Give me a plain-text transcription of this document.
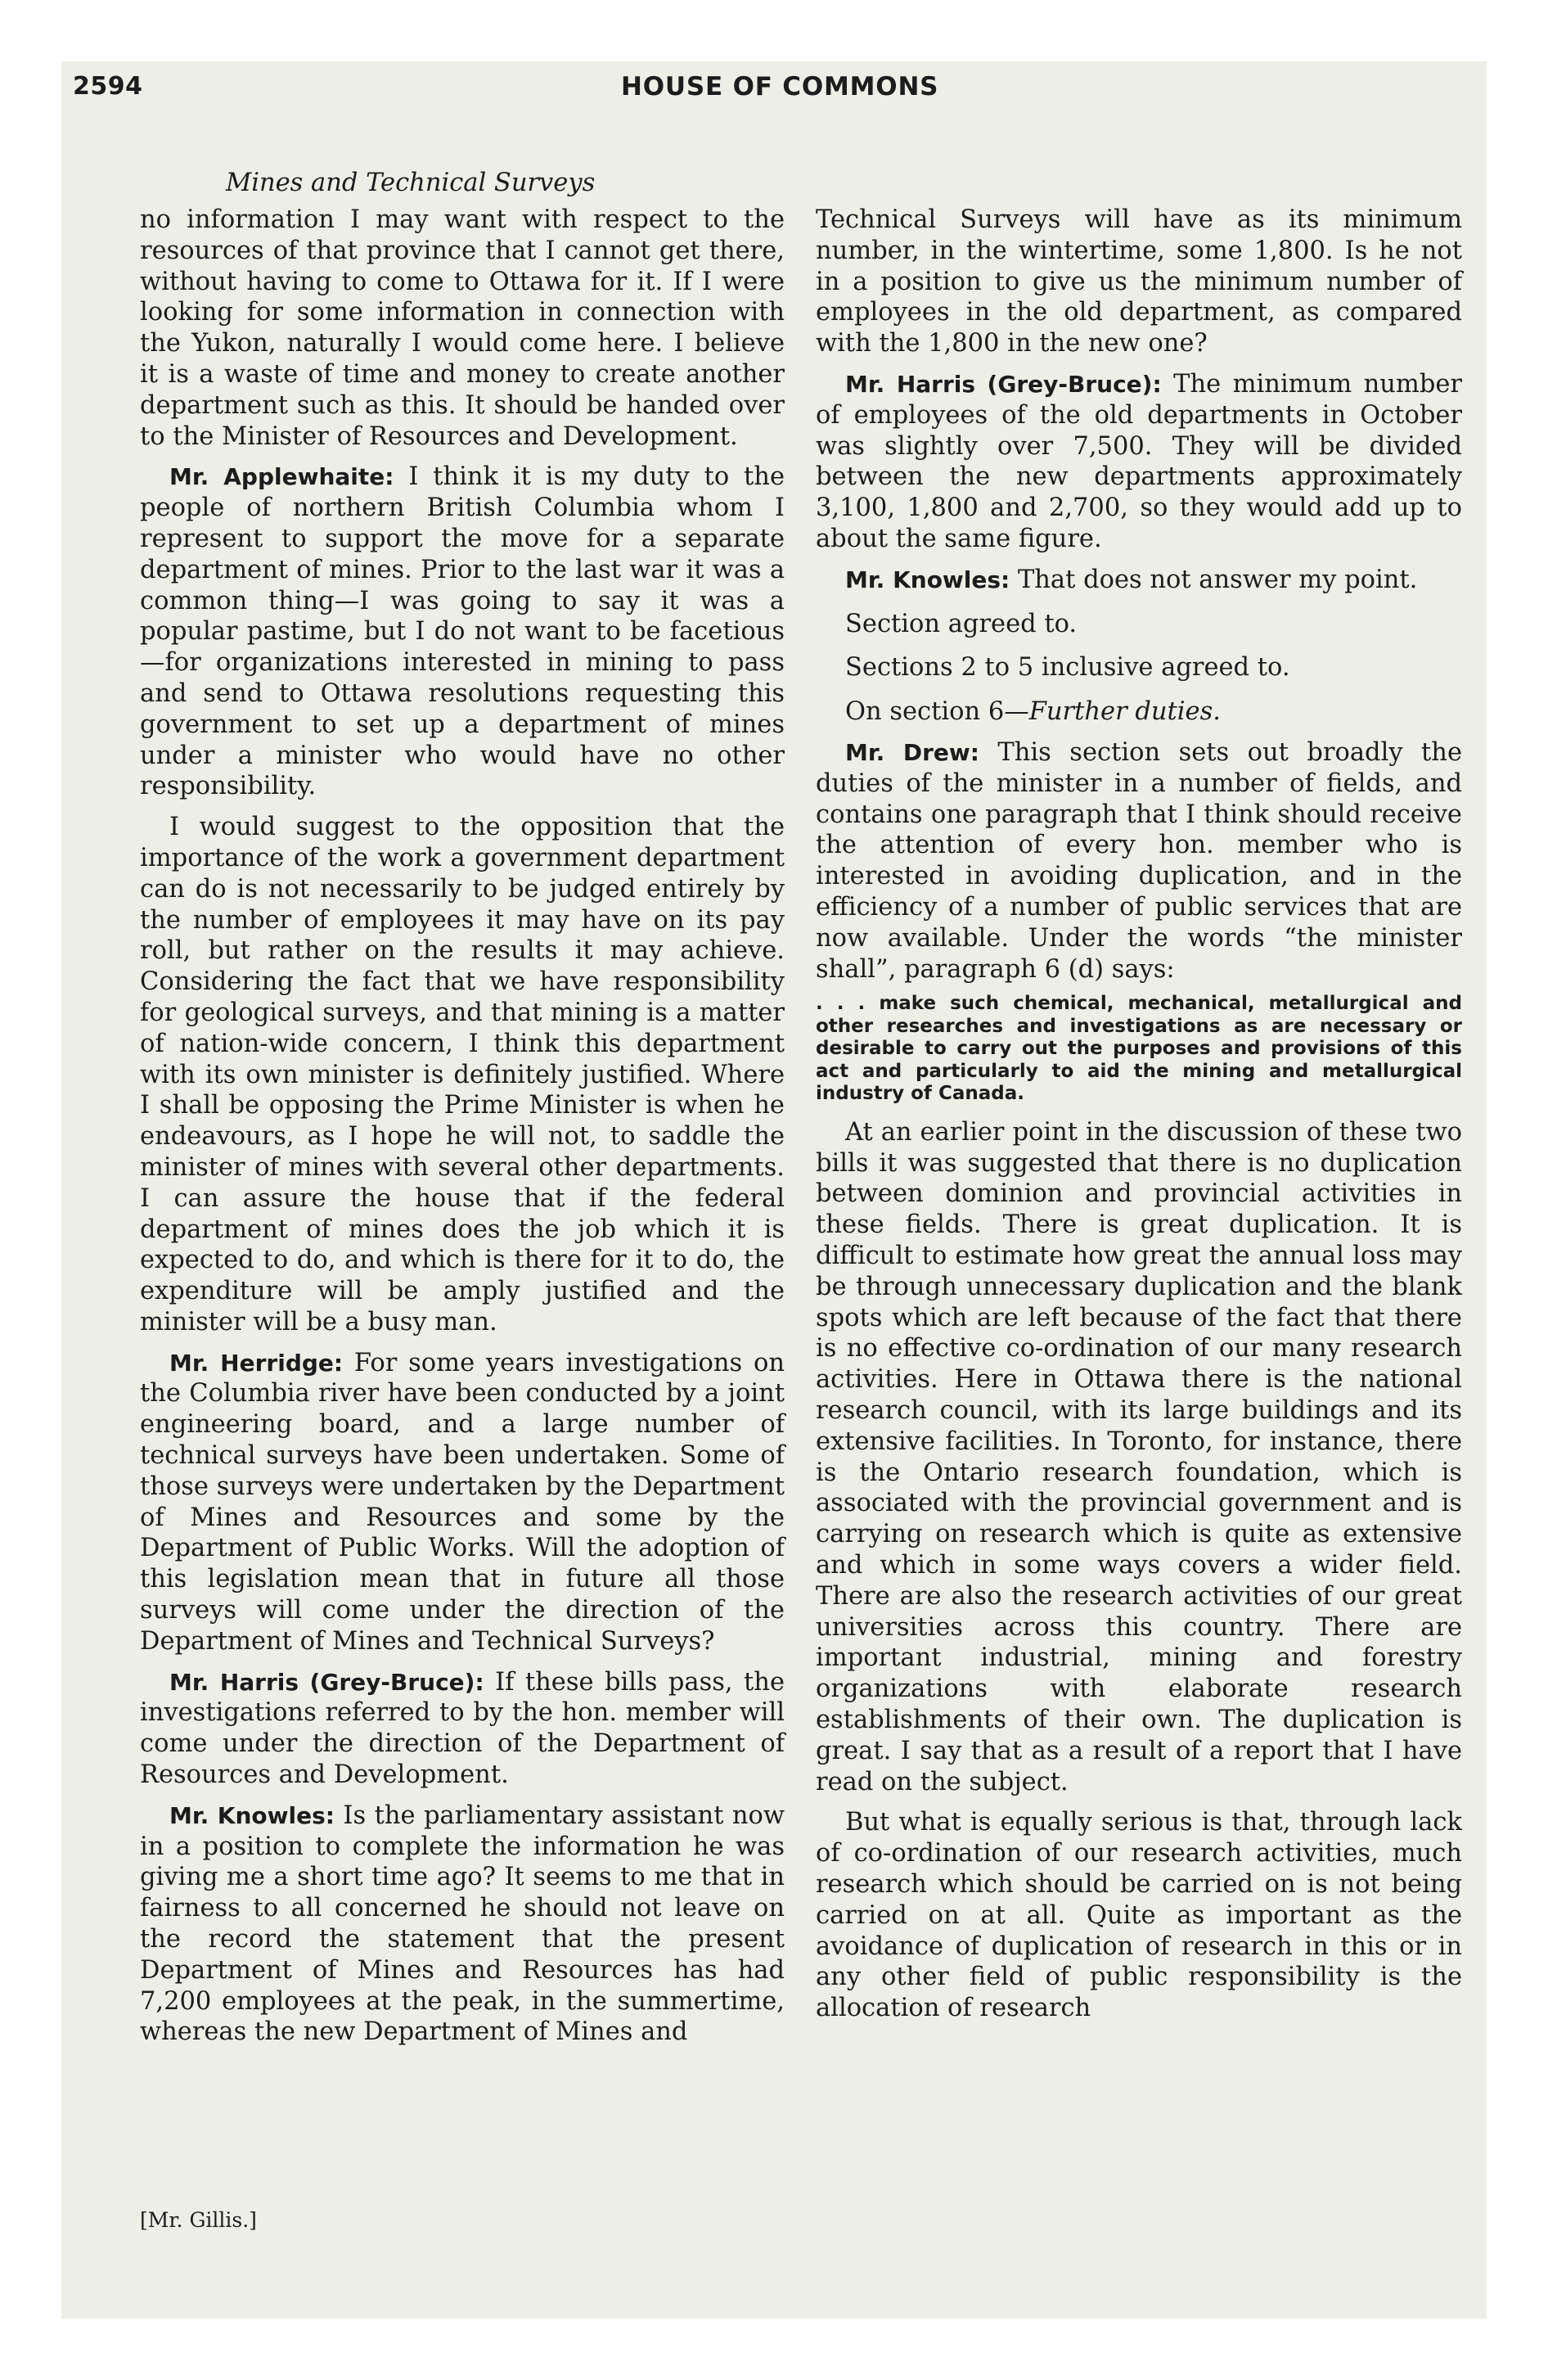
2594	HOUSE OF COMMONS
Mines and Technical Surveys

no information I may want with respect to the resources of that province that I cannot get there, without having to come to Ottawa for it. If I were looking for some information in connection with the Yukon, naturally I would come here. I believe it is a waste of time and money to create another department such as this. It should be handed over to the Minister of Resources and Development.

Mr. Applewhaite: I think it is my duty to the people of northern British Columbia whom I represent to support the move for a separate department of mines. Prior to the last war it was a common thing—I was going to say it was a popular pastime, but I do not want to be facetious—for organizations interested in mining to pass and send to Ottawa resolutions requesting this government to set up a department of mines under a minister who would have no other responsibility.

I would suggest to the opposition that the importance of the work a government department can do is not necessarily to be judged entirely by the number of employees it may have on its pay roll, but rather on the results it may achieve. Considering the fact that we have responsibility for geological surveys, and that mining is a matter of nation-wide concern, I think this department with its own minister is definitely justified. Where I shall be opposing the Prime Minister is when he endeavours, as I hope he will not, to saddle the minister of mines with several other departments. I can assure the house that if the federal department of mines does the job which it is expected to do, and which is there for it to do, the expenditure will be amply justified and the minister will be a busy man.

Mr. Herridge: For some years investigations on the Columbia river have been conducted by a joint engineering board, and a large number of technical surveys have been undertaken. Some of those surveys were undertaken by the Department of Mines and Resources and some by the Department of Public Works. Will the adoption of this legislation mean that in future all those surveys will come under the direction of the Department of Mines and Technical Surveys?

Mr. Harris (Grey-Bruce): If these bills pass, the investigations referred to by the hon. member will come under the direction of the Department of Resources and Development.

Mr. Knowles: Is the parliamentary assistant now in a position to complete the information he was giving me a short time ago? It seems to me that in fairness to all concerned he should not leave on the record the statement that the present Department of Mines and Resources has had 7,200 employees at the peak, in the summertime, whereas the new Department of Mines and

[Mr. Gillis.]

Technical Surveys will have as its minimum number, in the wintertime, some 1,800. Is he not in a position to give us the minimum number of employees in the old department, as compared with the 1,800 in the new one?

Mr. Harris (Grey-Bruce): The minimum number of employees of the old departments in October was slightly over 7,500. They will be divided between the new departments approximately 3,100, 1,800 and 2,700, so they would add up to about the same figure.

Mr. Knowles: That does not answer my point.

Section agreed to.

Sections 2 to 5 inclusive agreed to.

On section 6—Further duties.

Mr. Drew: This section sets out broadly the duties of the minister in a number of fields, and contains one paragraph that I think should receive the attention of every hon. member who is interested in avoiding duplication, and in the efficiency of a number of public services that are now available. Under the words “the minister shall”, paragraph 6 (d) says:

. . . make such chemical, mechanical, metallurgical and other researches and investigations as are necessary or desirable to carry out the purposes and provisions of this act and particularly to aid the mining and metallurgical industry of Canada.

At an earlier point in the discussion of these two bills it was suggested that there is no duplication between dominion and provincial activities in these fields. There is great duplication. It is difficult to estimate how great the annual loss may be through unnecessary duplication and the blank spots which are left because of the fact that there is no effective co-ordination of our many research activities. Here in Ottawa there is the national research council, with its large buildings and its extensive facilities. In Toronto, for instance, there is the Ontario research foundation, which is associated with the provincial government and is carrying on research which is quite as extensive and which in some ways covers a wider field. There are also the research activities of our great universities across this country. There are important industrial, mining and forestry organizations with elaborate research establishments of their own. The duplication is great. I say that as a result of a report that I have read on the subject.

But what is equally serious is that, through lack of co-ordination of our research activities, much research which should be carried on is not being carried on at all. Quite as important as the avoidance of duplication of research in this or in any other field of public responsibility is the allocation of research
